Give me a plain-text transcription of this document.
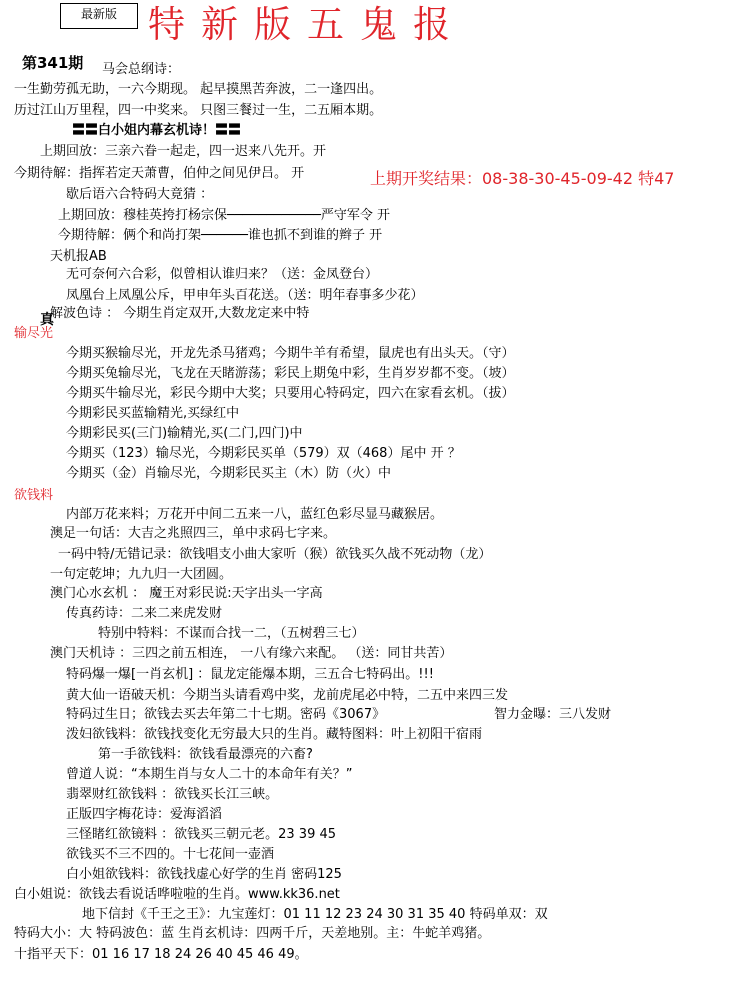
最新版 特新版五鬼报
第341期 马会总纲诗：
一生勤劳孤无助，一六今期现。 起早摸黑苦奔波，二一逢四出。
历过江山万里程，四一中奖来。 只图三餐过一生，二五厢本期。
〓〓白小姐内幕玄机诗！〓〓
上期回放：三亲六眷一起走，四一迟来八先开。开
今期待解：指挥若定天萧曹，伯仲之间见伊吕。 开	上期开奖结果：08-38-30-45-09-42 特47
歇后语六合特码大竟猜 ：
上期回放：穆桂英挎打杨宗保────────────严守军令 开
今期待解：俩个和尚打架──────谁也抓不到谁的辫子 开
天机报AB
无可奈何六合彩，似曾相认谁归来？（送：金凤登台）
凤凰台上凤凰公斥，甲申年头百花送。（送：明年春事多少花）
解波色诗 ： 今期生肖定双开,大数龙定来中特
真
输尽光
今期买猴输尽光，开龙先杀马猪鸡；今期牛羊有希望，鼠虎也有出头天。（守）
今期买兔输尽光，飞龙在天睹游荡；彩民上期兔中彩，生肖岁岁都不变。（坡）
今期买牛输尽光，彩民今期中大奖；只要用心特码定，四六在家看玄机。（拔）
今期彩民买蓝输精光,买绿红中
今期彩民买(三门)输精光,买(二门,四门)中
今期买（123）输尽光，今期彩民买单（579）双（468）尾中 开 ？
今期买（金）肖输尽光，今期彩民买主（木）防（火）中
欲钱料
内部万花来料；万花开中间二五来一八，蓝红色彩尽显马藏猴居。
澳足一句话：大吉之兆照四三，单中求码七字来。
一码中特/无错记录：欲钱唱支小曲大家听（猴）欲钱买久战不死动物（龙）
一句定乾坤；九九归一大团圆。
澳门心水玄机 ： 魔王对彩民说:天字出头一字高
传真药诗：二来二来虎发财
特别中特料：不谋而合找一二，（五树碧三七）
澳门天机诗 ：三四之前五相连， 一八有缘六来配。 （送：同甘共苦）
特码爆一爆[一肖玄机] ：鼠龙定能爆本期，三五合七特码出。!!!
黄大仙一语破天机：今期当头请看鸡中奖，龙前虎尾必中特，二五中来四三发
特码过生日；欲钱去买去年第二十七期。密码《3067》	智力金曝：三八发财
泼妇欲钱料：欲钱找变化无穷最大只的生肖。藏特图料：叶上初阳干宿雨
第一手欲钱料：欲钱看最漂亮的六畜?
曾道人说：“本期生肖与女人二十的本命年有关？”
翡翠财红欲钱料 ：欲钱买长江三峡。
正版四字梅花诗：爱海滔滔
三怪睹红欲镜料 ：欲钱买三朝元老。23 39 45
欲钱买不三不四的。十七花间一壶酒
白小姐欲钱料：欲钱找虚心好学的生肖 密码125
白小姐说：欲钱去看说话哗啦啦的生肖。www.kk36.net
地下信封《千王之王》：九宝莲灯：01 11 12 23 24 30 31 35 40 特码单双：双
特码大小：大 特码波色：蓝 生肖玄机诗：四两千斤，天差地别。主：牛蛇羊鸡猪。
十指平天下：01 16 17 18 24 26 40 45 46 49。
